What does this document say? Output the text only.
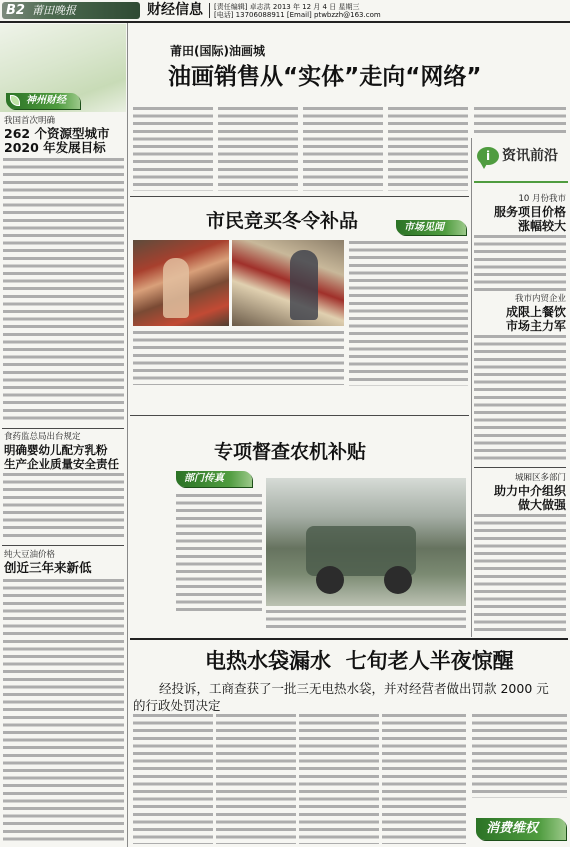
B2 莆田晚报	财经信息 [责任编辑] 卓志洪 2013 年 12 月 4 日 星期三
[电话] 13706088911 [Email] ptwbzzh@163.com
神州财经
我国首次明确
262 个资源型城市
2020 年发展目标
食药监总局出台规定
明确婴幼儿配方乳粉
生产企业质量安全责任
纯大豆油价格
创近三年来新低
莆田(国际)油画城
油画销售从“实体”走向“网络”
i 资讯前沿
10 月份我市
服务项目价格
涨幅较大
我市内贸企业
成限上餐饮
市场主力军
城厢区多部门
助力中介组织
做大做强
市民竞买冬令补品	市场见闻
专项督查农机补贴
部门传真
电热水袋漏水  七旬老人半夜惊醒
经投诉，工商查获了一批三无电热水袋，并对经营者做出罚款 2000 元的行政处罚决定
消费维权
